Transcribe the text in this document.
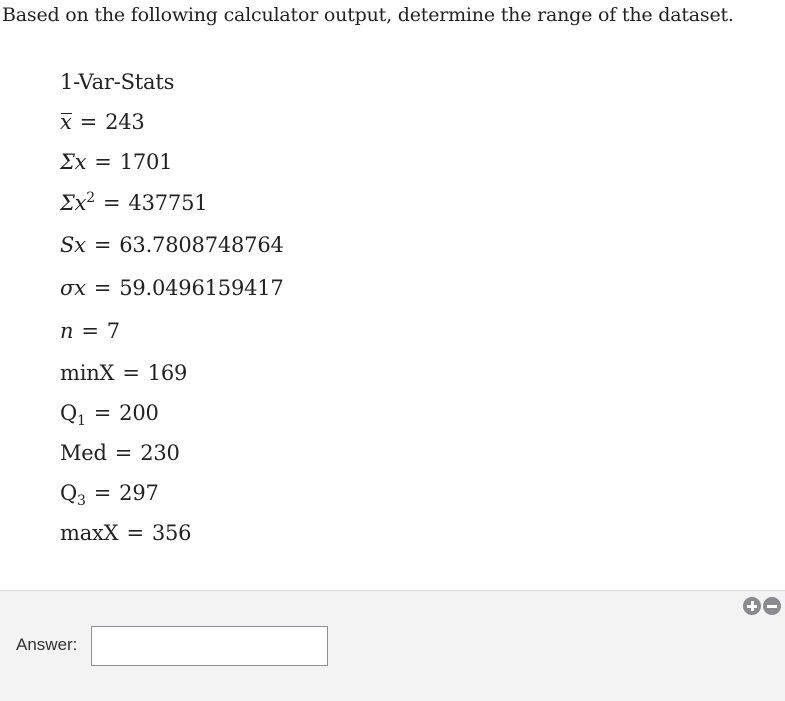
Based on the following calculator output, determine the range of the dataset.
1-Var-Stats
x = 243
Σx = 1701
$\Sigma x^2 = 437751$
Sx = 63.7808748764
σx = 59.0496159417
n = 7
minX = 169
$Q_1 = 200$
Med = 230
$Q_3 = 297$
maxX = 356
Answer:
